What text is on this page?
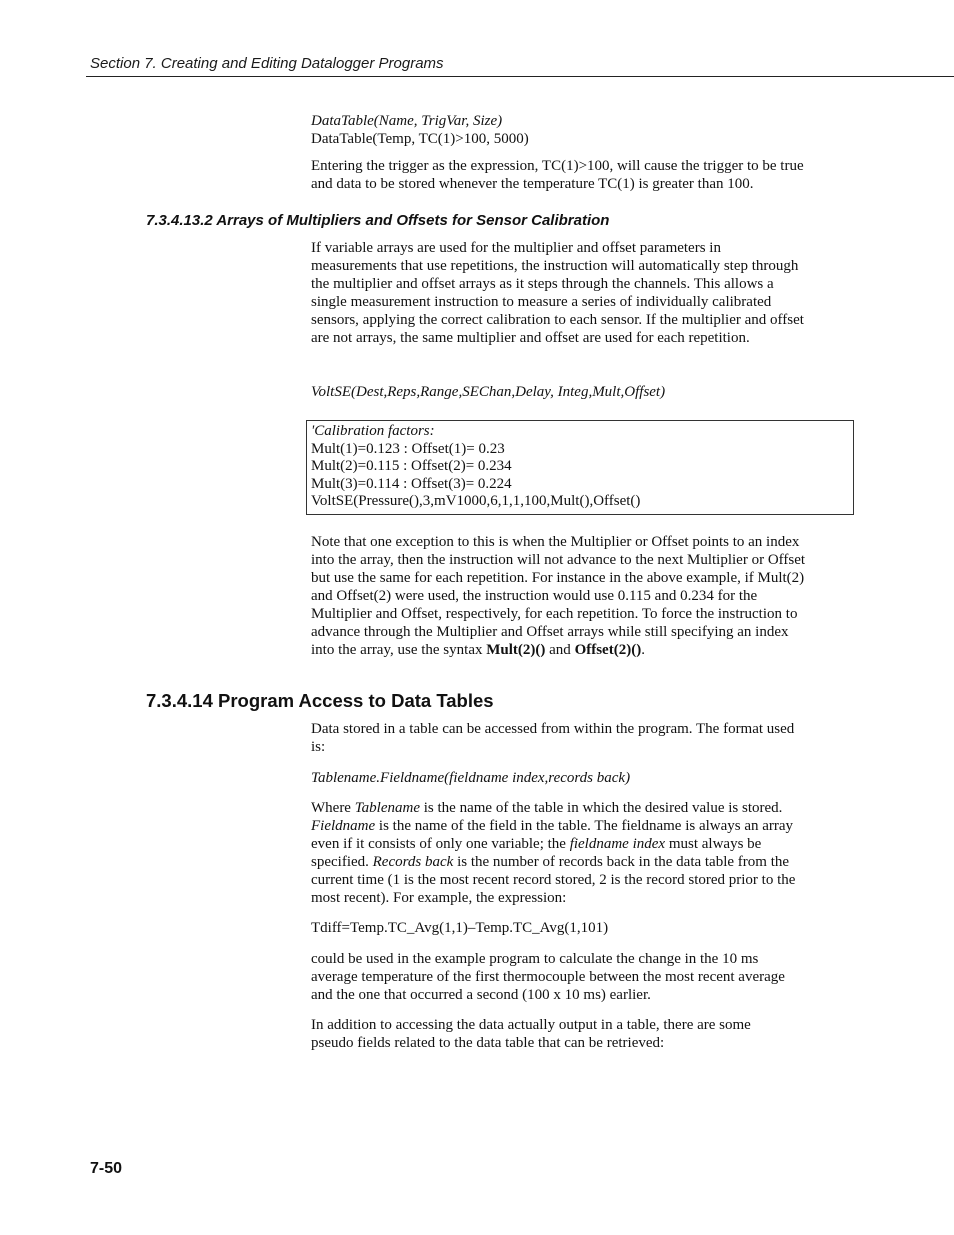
Section 7. Creating and Editing Datalogger Programs

DataTable(Name, TrigVar, Size)

DataTable(Temp, TC(1)>100, 5000)

Entering the trigger as the expression, TC(1)>100, will cause the trigger to be true and data to be stored whenever the temperature TC(1) is greater than 100.

7.3.4.13.2 Arrays of Multipliers and Offsets for Sensor Calibration

If variable arrays are used for the multiplier and offset parameters in measurements that use repetitions, the instruction will automatically step through the multiplier and offset arrays as it steps through the channels. This allows a single measurement instruction to measure a series of individually calibrated sensors, applying the correct calibration to each sensor. If the multiplier and offset are not arrays, the same multiplier and offset are used for each repetition.

VoltSE(Dest,Reps,Range,SEChan,Delay, Integ,Mult,Offset)

'Calibration factors:
Mult(1)=0.123 : Offset(1)= 0.23
Mult(2)=0.115 : Offset(2)= 0.234
Mult(3)=0.114 : Offset(3)= 0.224
VoltSE(Pressure(),3,mV1000,6,1,1,100,Mult(),Offset()

Note that one exception to this is when the Multiplier or Offset points to an index into the array, then the instruction will not advance to the next Multiplier or Offset but use the same for each repetition. For instance in the above example, if Mult(2) and Offset(2) were used, the instruction would use 0.115 and 0.234 for the Multiplier and Offset, respectively, for each repetition. To force the instruction to advance through the Multiplier and Offset arrays while still specifying an index into the array, use the syntax Mult(2)() and Offset(2)().

7.3.4.14 Program Access to Data Tables

Data stored in a table can be accessed from within the program. The format used is:

Tablename.Fieldname(fieldname index,records back)

Where Tablename is the name of the table in which the desired value is stored. Fieldname is the name of the field in the table. The fieldname is always an array even if it consists of only one variable; the fieldname index must always be specified. Records back is the number of records back in the data table from the current time (1 is the most recent record stored, 2 is the record stored prior to the most recent). For example, the expression:

Tdiff=Temp.TC_Avg(1,1)–Temp.TC_Avg(1,101)

could be used in the example program to calculate the change in the 10 ms average temperature of the first thermocouple between the most recent average and the one that occurred a second (100 x 10 ms) earlier.

In addition to accessing the data actually output in a table, there are some pseudo fields related to the data table that can be retrieved:

7-50
